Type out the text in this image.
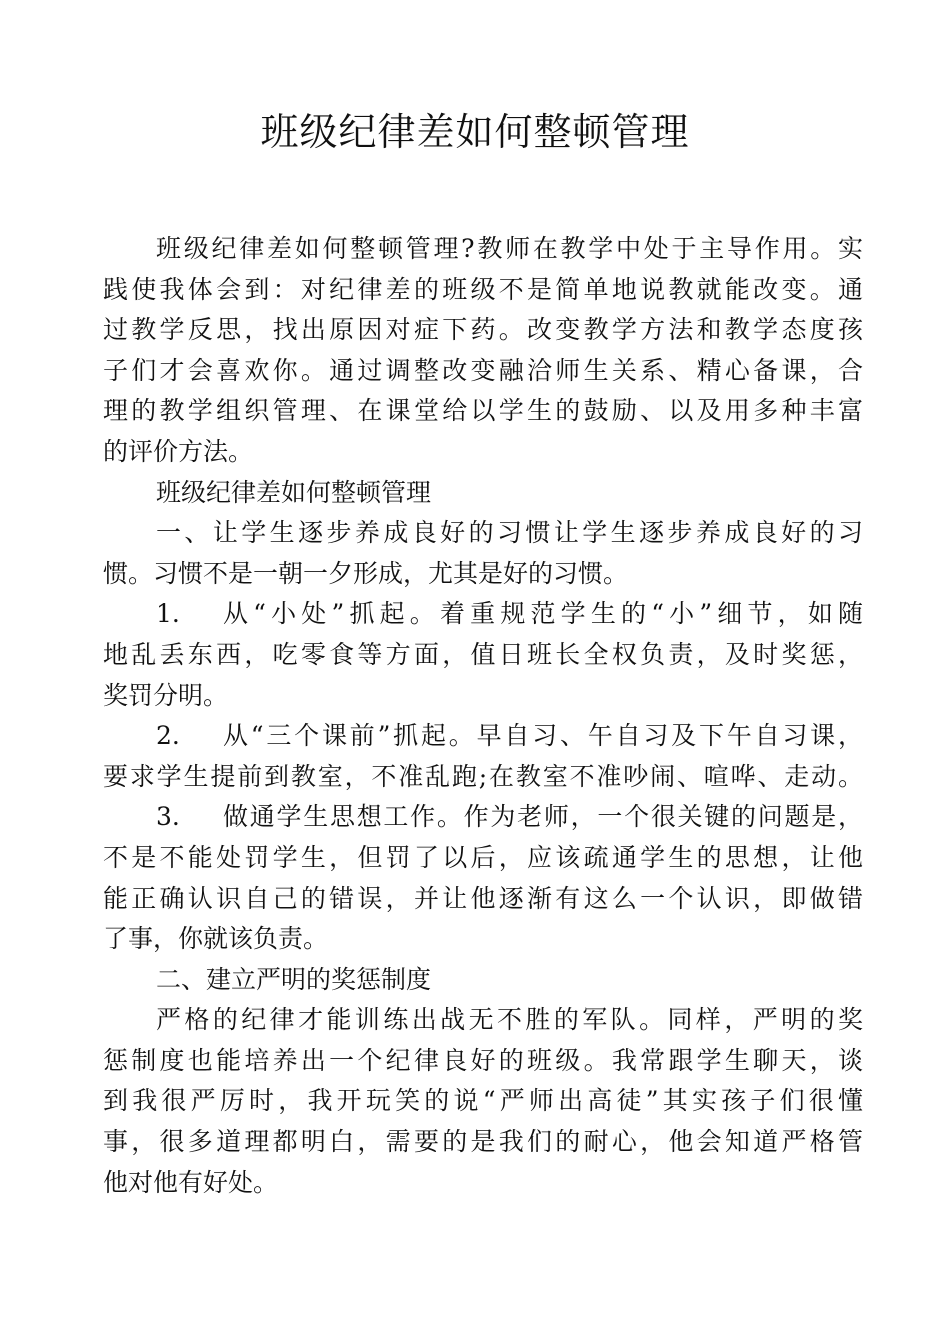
班级纪律差如何整顿管理
班级纪律差如何整顿管理?教师在教学中处于主导作用。实
践使我体会到：对纪律差的班级不是简单地说教就能改变。通
过教学反思，找出原因对症下药。改变教学方法和教学态度孩
子们才会喜欢你。通过调整改变融洽师生关系、精心备课，合
理的教学组织管理、在课堂给以学生的鼓励、以及用多种丰富
的评价方法。
班级纪律差如何整顿管理
一、让学生逐步养成良好的习惯让学生逐步养成良好的习
惯。习惯不是一朝一夕形成，尤其是好的习惯。
1. 从“小处”抓起。着重规范学生的“小”细节，如随
地乱丢东西，吃零食等方面，值日班长全权负责，及时奖惩，
奖罚分明。
2. 从“三个课前”抓起。早自习、午自习及下午自习课，
要求学生提前到教室，不准乱跑;在教室不准吵闹、喧哗、走动。
3. 做通学生思想工作。作为老师，一个很关键的问题是，
不是不能处罚学生，但罚了以后，应该疏通学生的思想，让他
能正确认识自己的错误，并让他逐渐有这么一个认识，即做错
了事，你就该负责。
二、建立严明的奖惩制度
严格的纪律才能训练出战无不胜的军队。同样，严明的奖
惩制度也能培养出一个纪律良好的班级。我常跟学生聊天，谈
到我很严厉时，我开玩笑的说“严师出高徒”其实孩子们很懂
事，很多道理都明白，需要的是我们的耐心，他会知道严格管
他对他有好处。
